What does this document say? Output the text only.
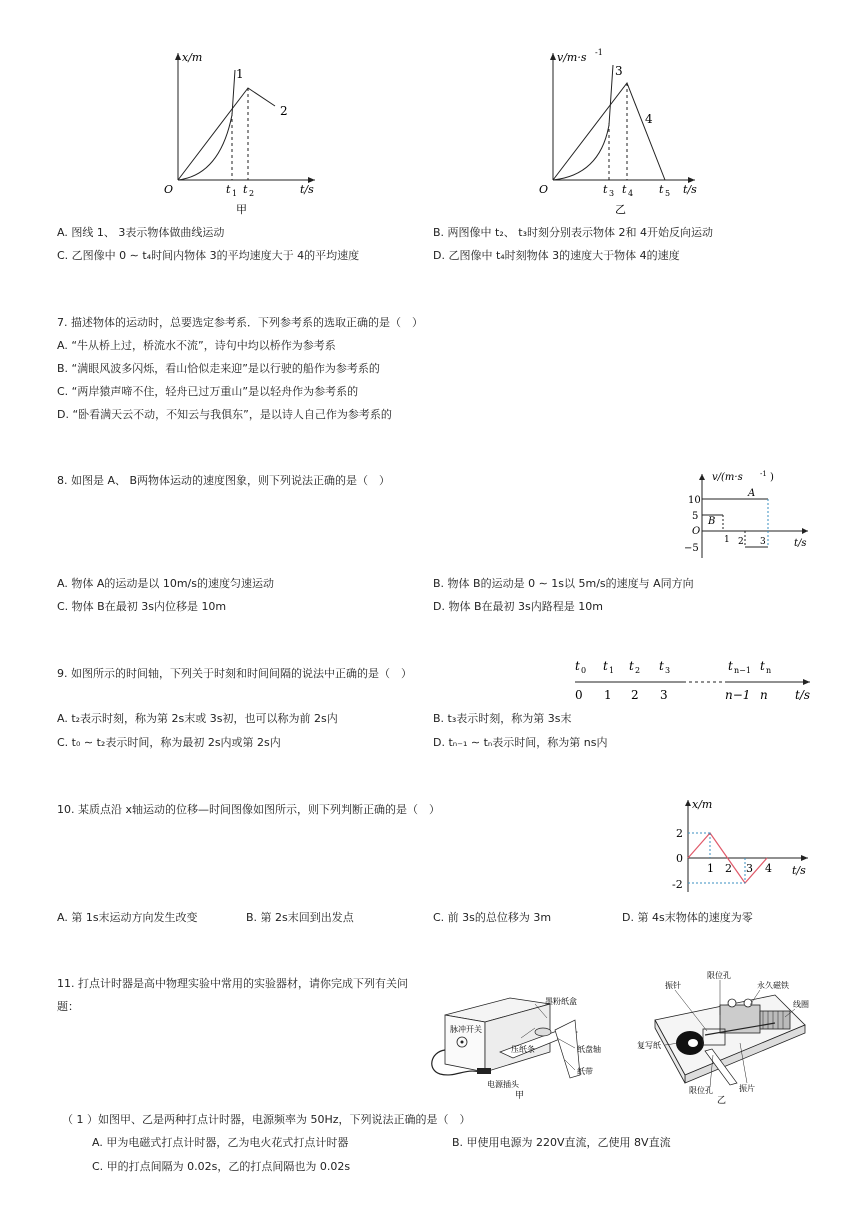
x/m
O
1
2
t 1 t 2	t/s
甲
v/m·s -1
O
3
4
t 3 t 4 t 5 t/s
乙
A. 图线 1、 3表示物体做曲线运动	B. 两图像中 t₂、 t₃时刻分别表示物体 2和 4开始反向运动
C. 乙图像中 0 ∼ t₄时间内物体 3的平均速度大于 4的平均速度	D. 乙图像中 t₄时刻物体 3的速度大于物体 4的速度
7. 描述物体的运动时，总要选定参考系．下列参考系的选取正确的是（　）
A. “牛从桥上过，桥流水不流”，诗句中均以桥作为参考系
B. “满眼风波多闪烁，看山恰似走来迎”是以行驶的船作为参考系的
C. “两岸猿声啼不住，轻舟已过万重山”是以轻舟作为参考系的
D. “卧看满天云不动，不知云与我俱东”，是以诗人自己作为参考系的
8. 如图是 A、 B两物体运动的速度图象，则下列说法正确的是（　）	v/(m·s -1 )
10
5
O
−5
1 2 3	t/s
A
B
A. 物体 A的运动是以 10m/s的速度匀速运动	B. 物体 B的运动是 0 ∼ 1s以 5m/s的速度与 A同方向
C. 物体 B在最初 3s内位移是 10m	D. 物体 B在最初 3s内路程是 10m
9. 如图所示的时间轴，下列关于时刻和时间间隔的说法中正确的是（　）
t 0 t 1 t 2 t 3	t n−1 t n
0 1 2 3	n−1 n t/s
A. t₂表示时刻，称为第 2s末或 3s初，也可以称为前 2s内	B. t₃表示时刻，称为第 3s末
C. t₀ ∼ t₂表示时间，称为最初 2s内或第 2s内	D. tₙ₋₁ ∼ tₙ表示时间，称为第 ns内
10. 某质点沿 x轴运动的位移—时间图像如图所示，则下列判断正确的是（　）	x/m
2
0
-2
1 2 3 4 t/s
A. 第 1s末运动方向发生改变	B. 第 2s末回到出发点	C. 前 3s的总位移为 3m	D. 第 4s末物体的速度为零
11. 打点计时器是高中物理实验中常用的实验器材，请你完成下列有关问
题：
脉冲开关
墨粉纸盒
压纸条	纸盘轴
纸带
电源插头
甲
限位孔
永久磁铁
振针
线圈
复写纸
限位孔	振片
乙
（ 1 ）如图甲、乙是两种打点计时器，电源频率为 50Hz，下列说法正确的是（　）
A. 甲为电磁式打点计时器，乙为电火花式打点计时器	B. 甲使用电源为 220V直流，乙使用 8V直流
C. 甲的打点间隔为 0.02s，乙的打点间隔也为 0.02s
